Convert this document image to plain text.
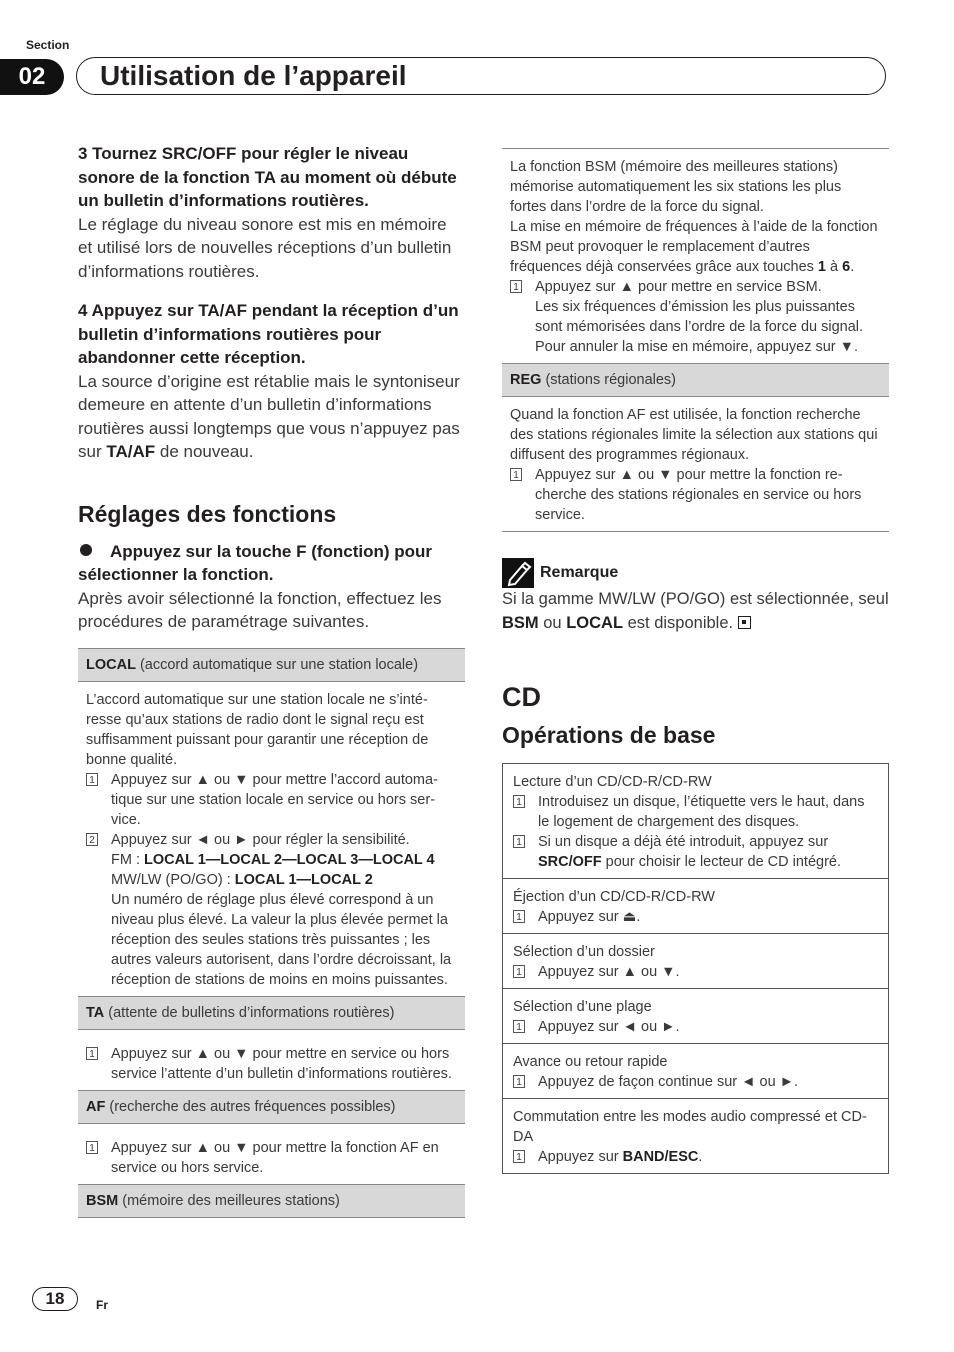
Section
02	Utilisation de l’appareil
3 Tournez SRC/OFF pour régler le niveau sonore de la fonction TA au moment où débute un bulletin d’informations routières.
Le réglage du niveau sonore est mis en mémoire et utilisé lors de nouvelles réceptions d’un bulletin d’informations routières.
4 Appuyez sur TA/AF pendant la réception d’un bulletin d’informations routières pour abandonner cette réception.
La source d’origine est rétablie mais le syntoniseur demeure en attente d’un bulletin d’informations routières aussi longtemps que vous n’appuyez pas sur TA/AF de nouveau.
Réglages des fonctions
Appuyez sur la touche F (fonction) pour sélectionner la fonction.
Après avoir sélectionné la fonction, effectuez les procédures de paramétrage suivantes.
LOCAL (accord automatique sur une station locale)

L’accord automatique sur une station locale ne s’intéresse qu’aux stations de radio dont le signal reçu est suffisamment puissant pour garantir une réception de bonne qualité.
1 Appuyez sur ▲ ou ▼ pour mettre l’accord automatique sur une station locale en service ou hors service.
2 Appuyez sur ◄ ou ► pour régler la sensibilité.
FM : LOCAL 1—LOCAL 2—LOCAL 3—LOCAL 4
MW/LW (PO/GO) : LOCAL 1—LOCAL 2
Un numéro de réglage plus élevé correspond à un niveau plus élevé. La valeur la plus élevée permet la réception des seules stations très puissantes ; les autres valeurs autorisent, dans l’ordre décroissant, la réception de stations de moins en moins puissantes.

TA (attente de bulletins d’informations routières)

1 Appuyez sur ▲ ou ▼ pour mettre en service ou hors service l’attente d’un bulletin d’informations routières.

AF (recherche des autres fréquences possibles)

1 Appuyez sur ▲ ou ▼ pour mettre la fonction AF en service ou hors service.

BSM (mémoire des meilleures stations)
La fonction BSM (mémoire des meilleures stations) mémorise automatiquement les six stations les plus fortes dans l’ordre de la force du signal.
La mise en mémoire de fréquences à l’aide de la fonction BSM peut provoquer le remplacement d’autres fréquences déjà conservées grâce aux touches 1 à 6.
1 Appuyez sur ▲ pour mettre en service BSM.
Les six fréquences d’émission les plus puissantes sont mémorisées dans l’ordre de la force du signal.
Pour annuler la mise en mémoire, appuyez sur ▼.

REG (stations régionales)

Quand la fonction AF est utilisée, la fonction recherche des stations régionales limite la sélection aux stations qui diffusent des programmes régionaux.
1 Appuyez sur ▲ ou ▼ pour mettre la fonction recherche des stations régionales en service ou hors service.
Remarque
Si la gamme MW/LW (PO/GO) est sélectionnée, seul BSM ou LOCAL est disponible.
CD
Opérations de base
Lecture d’un CD/CD-R/CD-RW
1 Introduisez un disque, l’étiquette vers le haut, dans le logement de chargement des disques.
1 Si un disque a déjà été introduit, appuyez sur SRC/OFF pour choisir le lecteur de CD intégré.
Éjection d’un CD/CD-R/CD-RW
1 Appuyez sur ⏏.
Sélection d’un dossier
1 Appuyez sur ▲ ou ▼.
Sélection d’une plage
1 Appuyez sur ◄ ou ►.
Avance ou retour rapide
1 Appuyez de façon continue sur ◄ ou ►.
Commutation entre les modes audio compressé et CD-DA
1 Appuyez sur BAND/ESC.
18	Fr
